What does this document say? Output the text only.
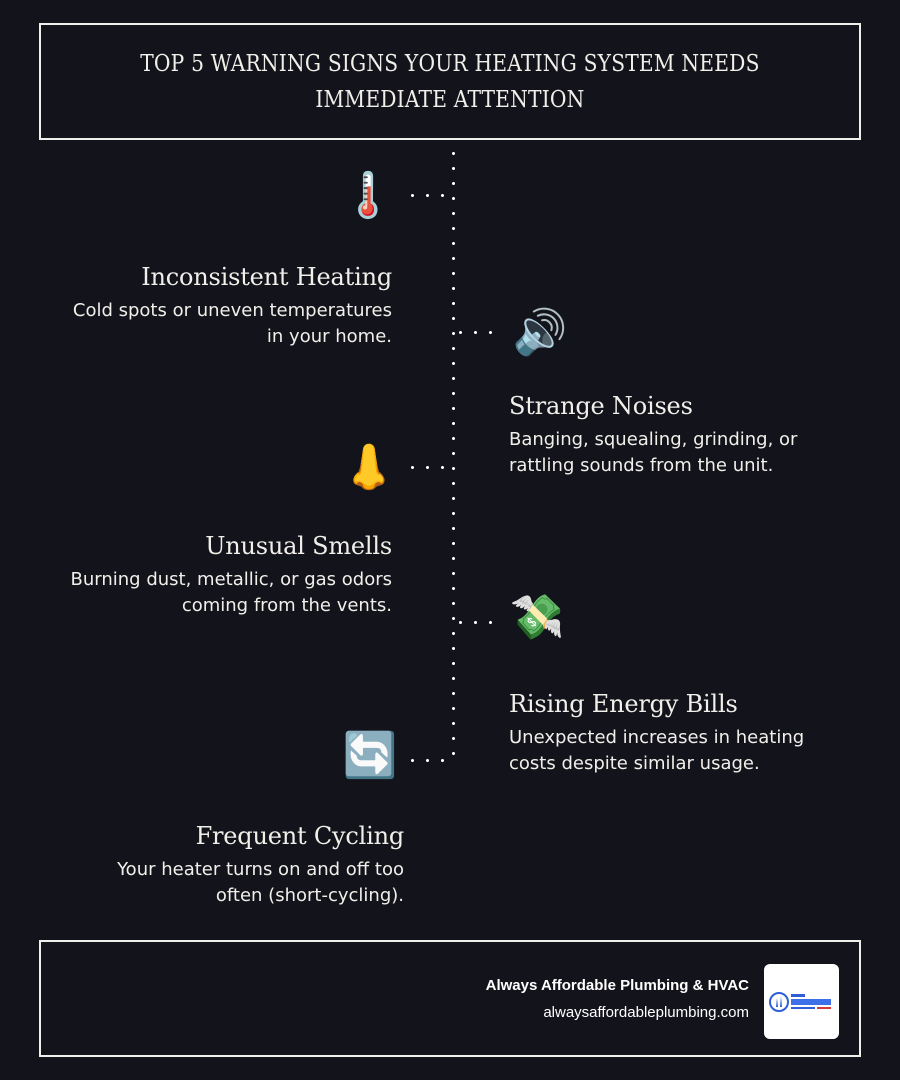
TOP 5 WARNING SIGNS YOUR HEATING SYSTEM NEEDS
IMMEDIATE ATTENTION
🌡️
🔊
👃
💸
🔄
Inconsistent Heating
Cold spots or uneven temperatures
in your home.
Strange Noises
Banging, squealing, grinding, or
rattling sounds from the unit.
Unusual Smells
Burning dust, metallic, or gas odors
coming from the vents.
Rising Energy Bills
Unexpected increases in heating
costs despite similar usage.
Frequent Cycling
Your heater turns on and off too
often (short-cycling).
Always Affordable Plumbing & HVAC
alwaysaffordableplumbing.com
